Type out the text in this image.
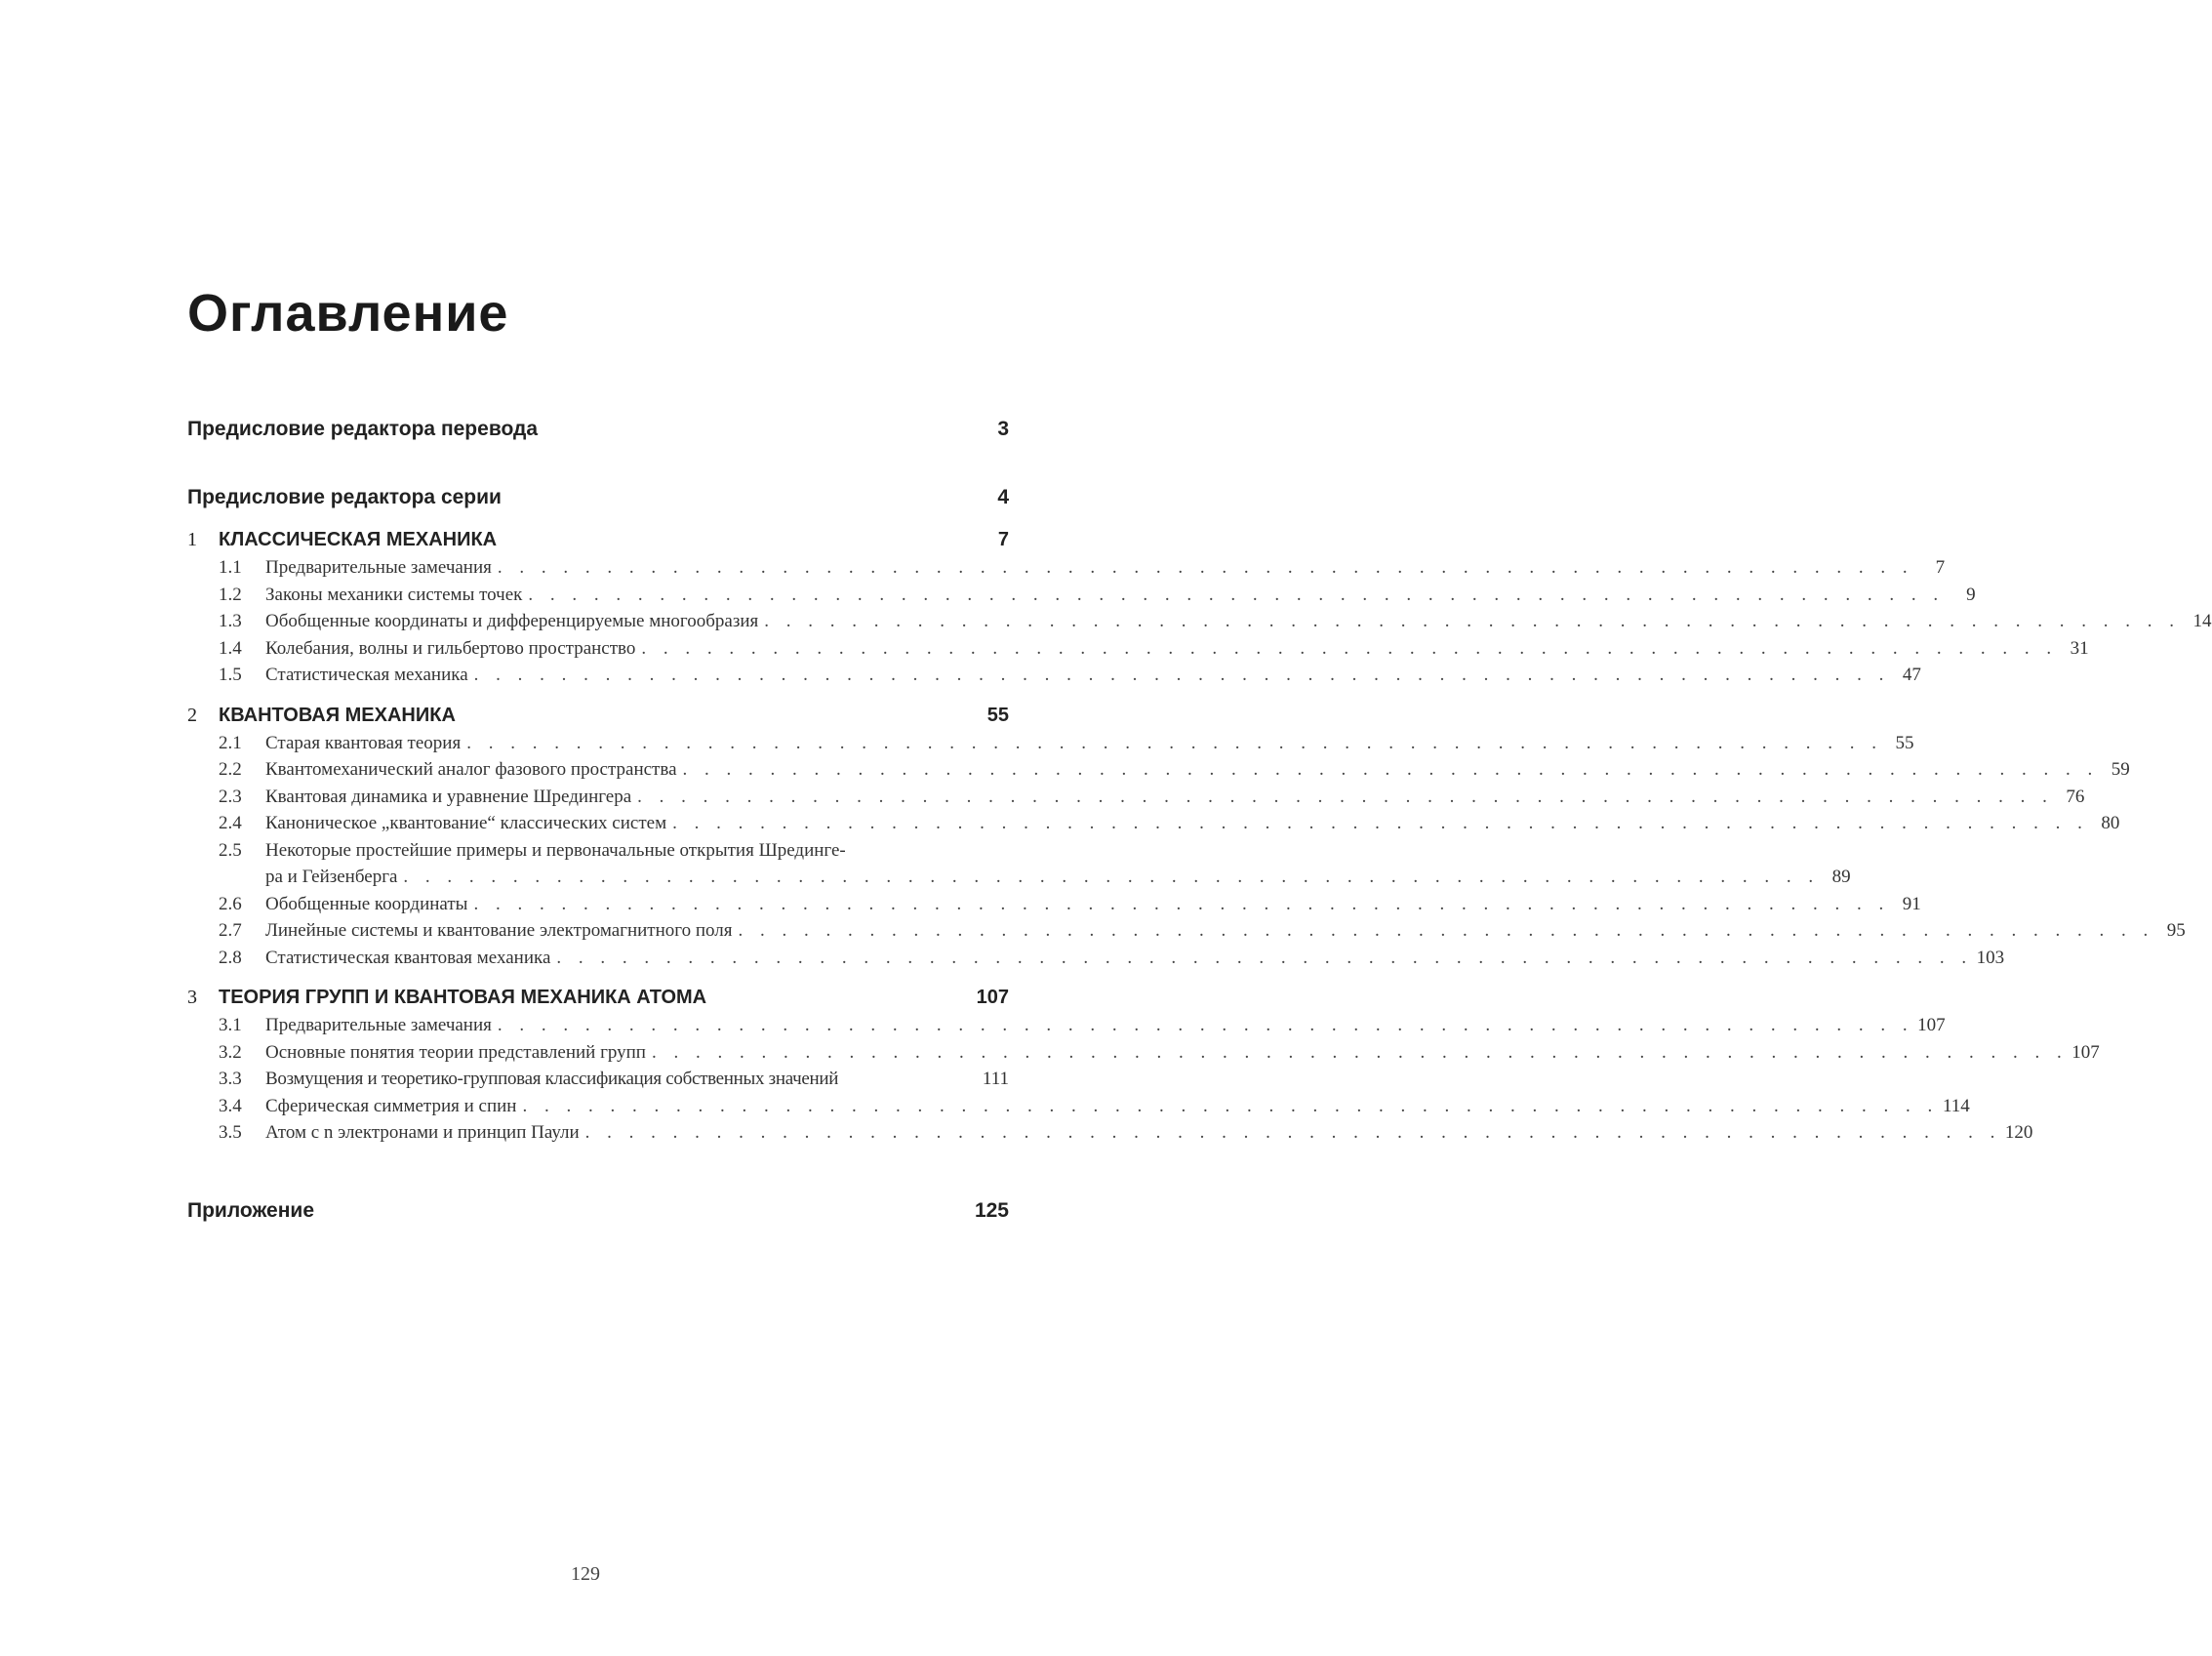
Оглавление
Предисловие редактора перевода	3
Предисловие редактора серии	4
1	КЛАССИЧЕСКАЯ МЕХАНИКА	7
1.1	Предварительные замечания . . . . . . . . . . . . . . . . . . . . . . . . . . . . . . . . . . . . . . . . . . . . . . . . . . . . . . . . . . . . . . . . .	7
1.2	Законы механики системы точек . . . . . . . . . . . . . . . . . . . . . . . . . . . . . . . . . . . . . . . . . . . . . . . . . . . . . . . . . . . . . . . . .	9
1.3	Обобщенные координаты и дифференцируемые многообразия . . . . . . . . . . . . . . . . . . . . . . . . . . . . . . . . . . . . . . . . . . . . . . . . . . . . . . . . . . . . . . . . . 14
1.4	Колебания, волны и гильбертово пространство . . . . . . . . . . . . . . . . . . . . . . . . . . . . . . . . . . . . . . . . . . . . . . . . . . . . . . . . . . . . . . . . . 31
1.5	Статистическая механика . . . . . . . . . . . . . . . . . . . . . . . . . . . . . . . . . . . . . . . . . . . . . . . . . . . . . . . . . . . . . . . . . 47
2	КВАНТОВАЯ МЕХАНИКА	55
2.1	Старая квантовая теория . . . . . . . . . . . . . . . . . . . . . . . . . . . . . . . . . . . . . . . . . . . . . . . . . . . . . . . . . . . . . . . . . 55
2.2	Квантомеханический аналог фазового пространства . . . . . . . . . . . . . . . . . . . . . . . . . . . . . . . . . . . . . . . . . . . . . . . . . . . . . . . . . . . . . . . . . 59
2.3	Квантовая динамика и уравнение Шредингера . . . . . . . . . . . . . . . . . . . . . . . . . . . . . . . . . . . . . . . . . . . . . . . . . . . . . . . . . . . . . . . . . 76
2.4	Каноническое „квантование“ классических систем . . . . . . . . . . . . . . . . . . . . . . . . . . . . . . . . . . . . . . . . . . . . . . . . . . . . . . . . . . . . . . . . . 80
2.5	Некоторые простейшие примеры и первоначальные открытия Шрединге-
ра и Гейзенберга . . . . . . . . . . . . . . . . . . . . . . . . . . . . . . . . . . . . . . . . . . . . . . . . . . . . . . . . . . . . . . . . . 89
2.6	Обобщенные координаты . . . . . . . . . . . . . . . . . . . . . . . . . . . . . . . . . . . . . . . . . . . . . . . . . . . . . . . . . . . . . . . . . 91
2.7	Линейные системы и квантование электромагнитного поля . . . . . . . . . . . . . . . . . . . . . . . . . . . . . . . . . . . . . . . . . . . . . . . . . . . . . . . . . . . . . . . . . 95
2.8	Статистическая квантовая механика . . . . . . . . . . . . . . . . . . . . . . . . . . . . . . . . . . . . . . . . . . . . . . . . . . . . . . . . . . . . . . . . . 103
3	ТЕОРИЯ ГРУПП И КВАНТОВАЯ МЕХАНИКА АТОМА	107
3.1	Предварительные замечания . . . . . . . . . . . . . . . . . . . . . . . . . . . . . . . . . . . . . . . . . . . . . . . . . . . . . . . . . . . . . . . . . 107
3.2	Основные понятия теории представлений групп . . . . . . . . . . . . . . . . . . . . . . . . . . . . . . . . . . . . . . . . . . . . . . . . . . . . . . . . . . . . . . . . . 107
3.3	Возмущения и теоретико-групповая классификация собственных значений	111
3.4	Сферическая симметрия и спин . . . . . . . . . . . . . . . . . . . . . . . . . . . . . . . . . . . . . . . . . . . . . . . . . . . . . . . . . . . . . . . . . 114
3.5	Атом с n электронами и принцип Паули . . . . . . . . . . . . . . . . . . . . . . . . . . . . . . . . . . . . . . . . . . . . . . . . . . . . . . . . . . . . . . . . . 120
Приложение	125
129
